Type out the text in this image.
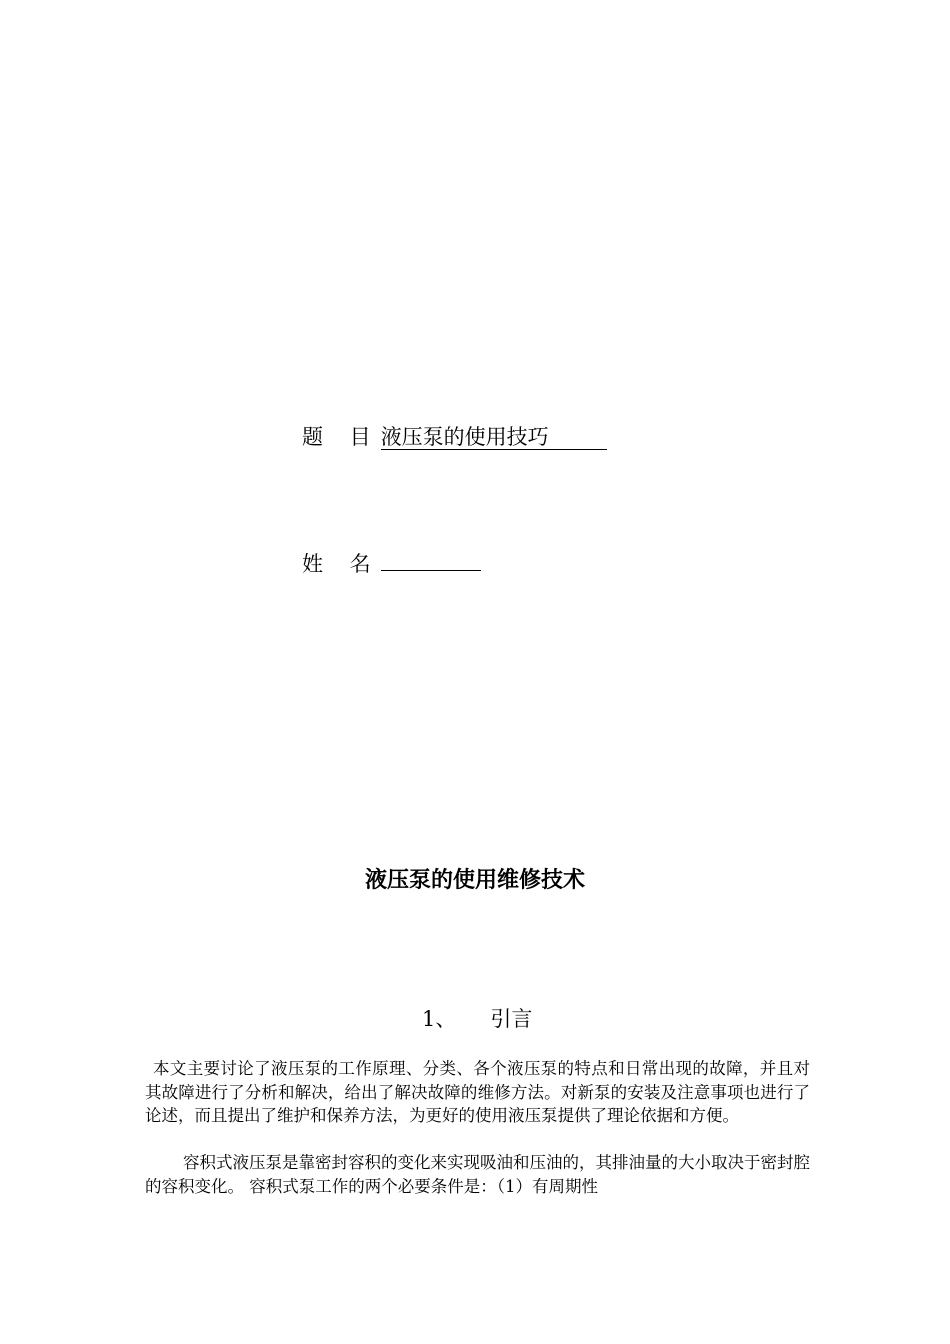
题 目液压泵的使用技巧
姓 名
液压泵的使用维修技术
1、 引言

本文主要讨论了液压泵的工作原理、分类、各个液压泵的特点和日常出现的故障，并且对其故障进行了分析和解决，给出了解决故障的维修方法。对新泵的安装及注意事项也进行了论述，而且提出了维护和保养方法，为更好的使用液压泵提供了理论依据和方便。

容积式液压泵是靠密封容积的变化来实现吸油和压油的，其排油量的大小取决于密封腔的容积变化。 容积式泵工作的两个必要条件是：（1）有周期性
